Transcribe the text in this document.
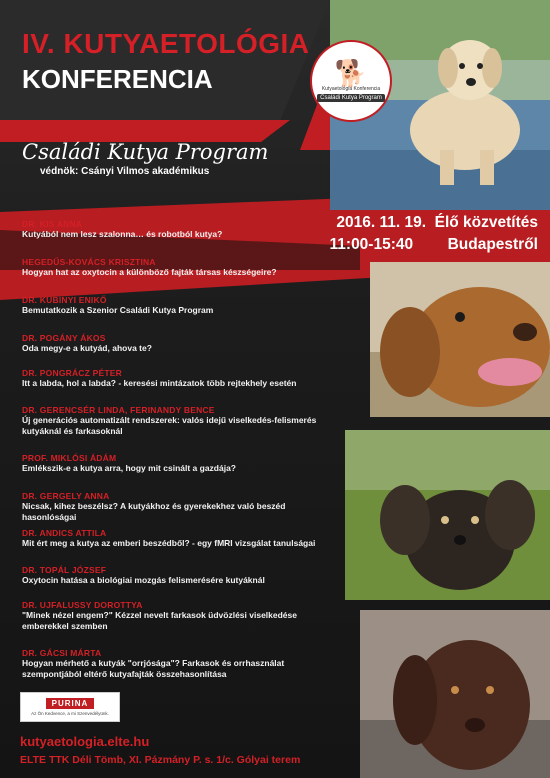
🐕
Kutyaetológia Konferencia
Családi Kutya Program
IV. KUTYAETOLÓGIA
KONFERENCIA
Családi Kutya Program
védnök: Csányi Vilmos akadémikus
2016. 11. 19. Élő közvetítés
11:00-15:40 Budapestről
DR. KIS ANNA
Kutyából nem lesz szalonna… és robotból kutya?
HEGEDŰS-KOVÁCS KRISZTINA
Hogyan hat az oxytocin a különböző fajták társas készségeire?
DR. KUBINYI ENIKŐ
Bemutatkozik a Szenior Családi Kutya Program
DR. POGÁNY ÁKOS
Oda megy-e a kutyád, ahova te?
DR. PONGRÁCZ PÉTER
Itt a labda, hol a labda? - keresési mintázatok több rejtekhely esetén
DR. GERENCSÉR LINDA, FERINANDY BENCE
Új generációs automatizált rendszerek: valós idejű viselkedés-felismerés kutyáknál és farkasoknál
PROF. MIKLÓSI ÁDÁM
Emlékszik-e a kutya arra, hogy mit csinált a gazdája?
DR. GERGELY ANNA
Nicsak, kihez beszélsz? A kutyákhoz és gyerekekhez való beszéd hasonlóságai
DR. ANDICS ATTILA
Mit ért meg a kutya az emberi beszédből? - egy fMRI vizsgálat tanulságai
DR. TOPÁL JÓZSEF
Oxytocin hatása a biológiai mozgás felismerésére kutyáknál
DR. UJFALUSSY DOROTTYA
"Minek nézel engem?" Kézzel nevelt farkasok üdvözlési viselkedése emberekkel szemben
DR. GÁCSI MÁRTA
Hogyan mérhető a kutyák "orrjósága"? Farkasok és orrhasználat szempontjából eltérő kutyafajták összehasonlítása
PURINA
Az Ön Kedvence, a mi Szenvedélyünk.
kutyaetologia.elte.hu
ELTE TTK Déli Tömb, XI. Pázmány P. s. 1/c. Gólyai terem
